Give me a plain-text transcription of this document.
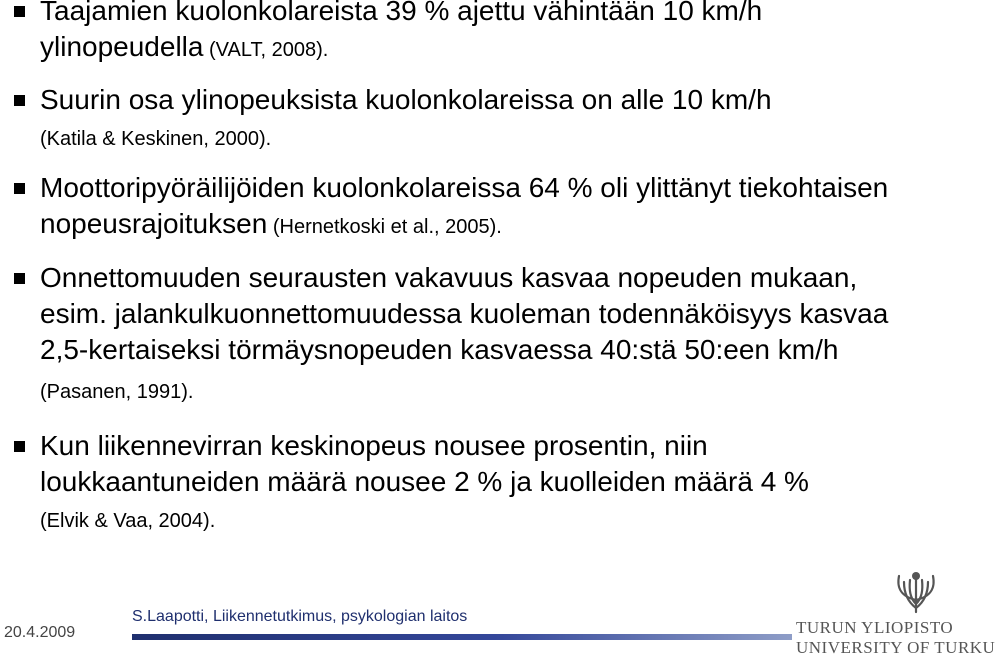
Taajamien kuolonkolareista 39 % ajettu vähintään 10 km/h ylinopeudella (VALT, 2008).
Suurin osa ylinopeuksista kuolonkolareissa on alle 10 km/h
(Katila & Keskinen, 2000).
Moottoripyöräilijöiden kuolonkolareissa 64 % oli ylittänyt tiekohtaisen nopeusrajoituksen (Hernetkoski et al., 2005).
Onnettomuuden seurausten vakavuus kasvaa nopeuden mukaan, esim. jalankulkuonnettomuudessa kuoleman todennäköisyys kasvaa 2,5-kertaiseksi törmäysnopeuden kasvaessa 40:stä 50:een km/h (Pasanen, 1991).
Kun liikennevirran keskinopeus nousee prosentin, niin loukkaantuneiden määrä nousee 2 % ja kuolleiden määrä 4 %
(Elvik & Vaa, 2004).
20.4.2009
S.Laapotti, Liikennetutkimus, psykologian laitos
TURUN YLIOPISTO
UNIVERSITY OF TURKU
